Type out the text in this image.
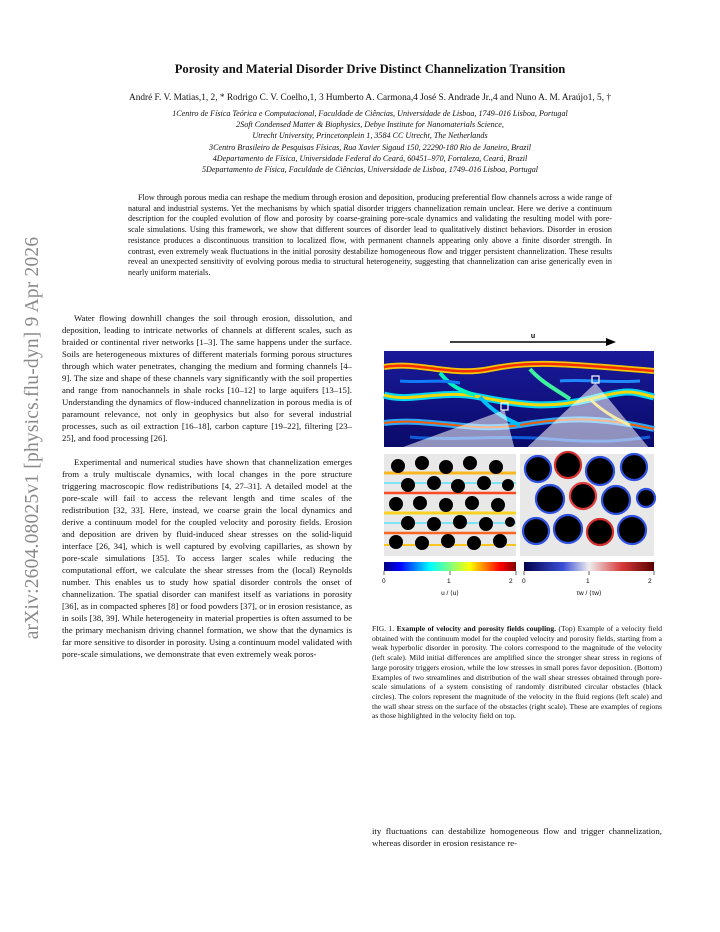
arXiv:2604.08025v1 [physics.flu-dyn] 9 Apr 2026
Porosity and Material Disorder Drive Distinct Channelization Transition
André F. V. Matias,1, 2, * Rodrigo C. V. Coelho,1, 3 Humberto A. Carmona,4 José S. Andrade Jr.,4 and Nuno A. M. Araújo1, 5, †
1Centro de Física Teórica e Computacional, Faculdade de Ciências, Universidade de Lisboa, 1749–016 Lisboa, Portugal
2Soft Condensed Matter & Biophysics, Debye Institute for Nanomaterials Science,
Utrecht University, Princetonplein 1, 3584 CC Utrecht, The Netherlands
3Centro Brasileiro de Pesquisas Físicas, Rua Xavier Sigaud 150, 22290-180 Rio de Janeiro, Brazil
4Departamento de Física, Universidade Federal do Ceará, 60451–970, Fortaleza, Ceará, Brazil
5Departamento de Física, Faculdade de Ciências, Universidade de Lisboa, 1749–016 Lisboa, Portugal
Flow through porous media can reshape the medium through erosion and deposition, producing preferential flow channels across a wide range of natural and industrial systems. Yet the mechanisms by which spatial disorder triggers channelization remain unclear. Here we derive a continuum description for the coupled evolution of flow and porosity by coarse-graining pore-scale dynamics and validating the resulting model with pore-scale simulations. Using this framework, we show that different sources of disorder lead to qualitatively distinct behaviors. Disorder in erosion resistance produces a discontinuous transition to localized flow, with permanent channels appearing only above a finite disorder strength. In contrast, even extremely weak fluctuations in the initial porosity destabilize homogeneous flow and trigger persistent channelization. These results reveal an unexpected sensitivity of evolving porous media to structural heterogeneity, suggesting that channelization can arise generically even in nearly uniform materials.

Water flowing downhill changes the soil through erosion, dissolution, and deposition, leading to intricate networks of channels at different scales, such as braided or continental river networks [1–3]. The same happens under the surface. Soils are heterogeneous mixtures of different materials forming porous structures through which water penetrates, changing the medium and forming channels [4–9]. The size and shape of these channels vary significantly with the soil properties and range from nanochannels in shale rocks [10–12] to large aquifers [13–15]. Understanding the dynamics of flow-induced channelization in porous media is of paramount relevance, not only in geophysics but also for several industrial processes, such as oil extraction [16–18], carbon capture [19–22], filtering [23–25], and food processing [26].

Experimental and numerical studies have shown that channelization emerges from a truly multiscale dynamics, with local changes in the pore structure triggering macroscopic flow redistributions [4, 27–31]. A detailed model at the pore-scale will fail to access the relevant length and time scales of the redistribution [32, 33]. Here, instead, we coarse grain the local dynamics and derive a continuum model for the coupled velocity and porosity fields. Erosion and deposition are driven by fluid-induced shear stresses on the solid-liquid interface [26, 34], which is well captured by evolving capillaries, as shown by pore-scale simulations [35]. To access larger scales while reducing the computational effort, we calculate the shear stresses from the (local) Reynolds number. This enables us to study how spatial disorder controls the onset of channelization. The spatial disorder can manifest itself as variations in porosity [36], as in compacted spheres [8] or food powders [37], or in erosion resistance, as in soils [38, 39]. While heterogeneity in material properties is often assumed to be the primary mechanism driving channel formation, we show that the dynamics is far more sensitive to disorder in porosity. Using a continuum model validated with pore-scale simulations, we demonstrate that even extremely weak poros-

u
0	1	2
u / ⟨u⟩
0	1	2
τw / ⟨τw⟩
FIG. 1. Example of velocity and porosity fields coupling. (Top) Example of a velocity field obtained with the continuum model for the coupled velocity and porosity fields, starting from a weak hyperbolic disorder in porosity. The colors correspond to the magnitude of the velocity (left scale). Mild initial differences are amplified since the stronger shear stress in regions of large porosity triggers erosion, while the low stresses in small pores favor deposition. (Bottom) Examples of two streamlines and distribution of the wall shear stresses obtained through pore-scale simulations of a system consisting of randomly distributed circular obstacles (black circles). The colors represent the magnitude of the velocity in the fluid regions (left scale) and the wall shear stress on the surface of the obstacles (right scale). These are examples of regions as those highlighted in the velocity field on top.
ity fluctuations can destabilize homogeneous flow and trigger channelization, whereas disorder in erosion resistance re-
